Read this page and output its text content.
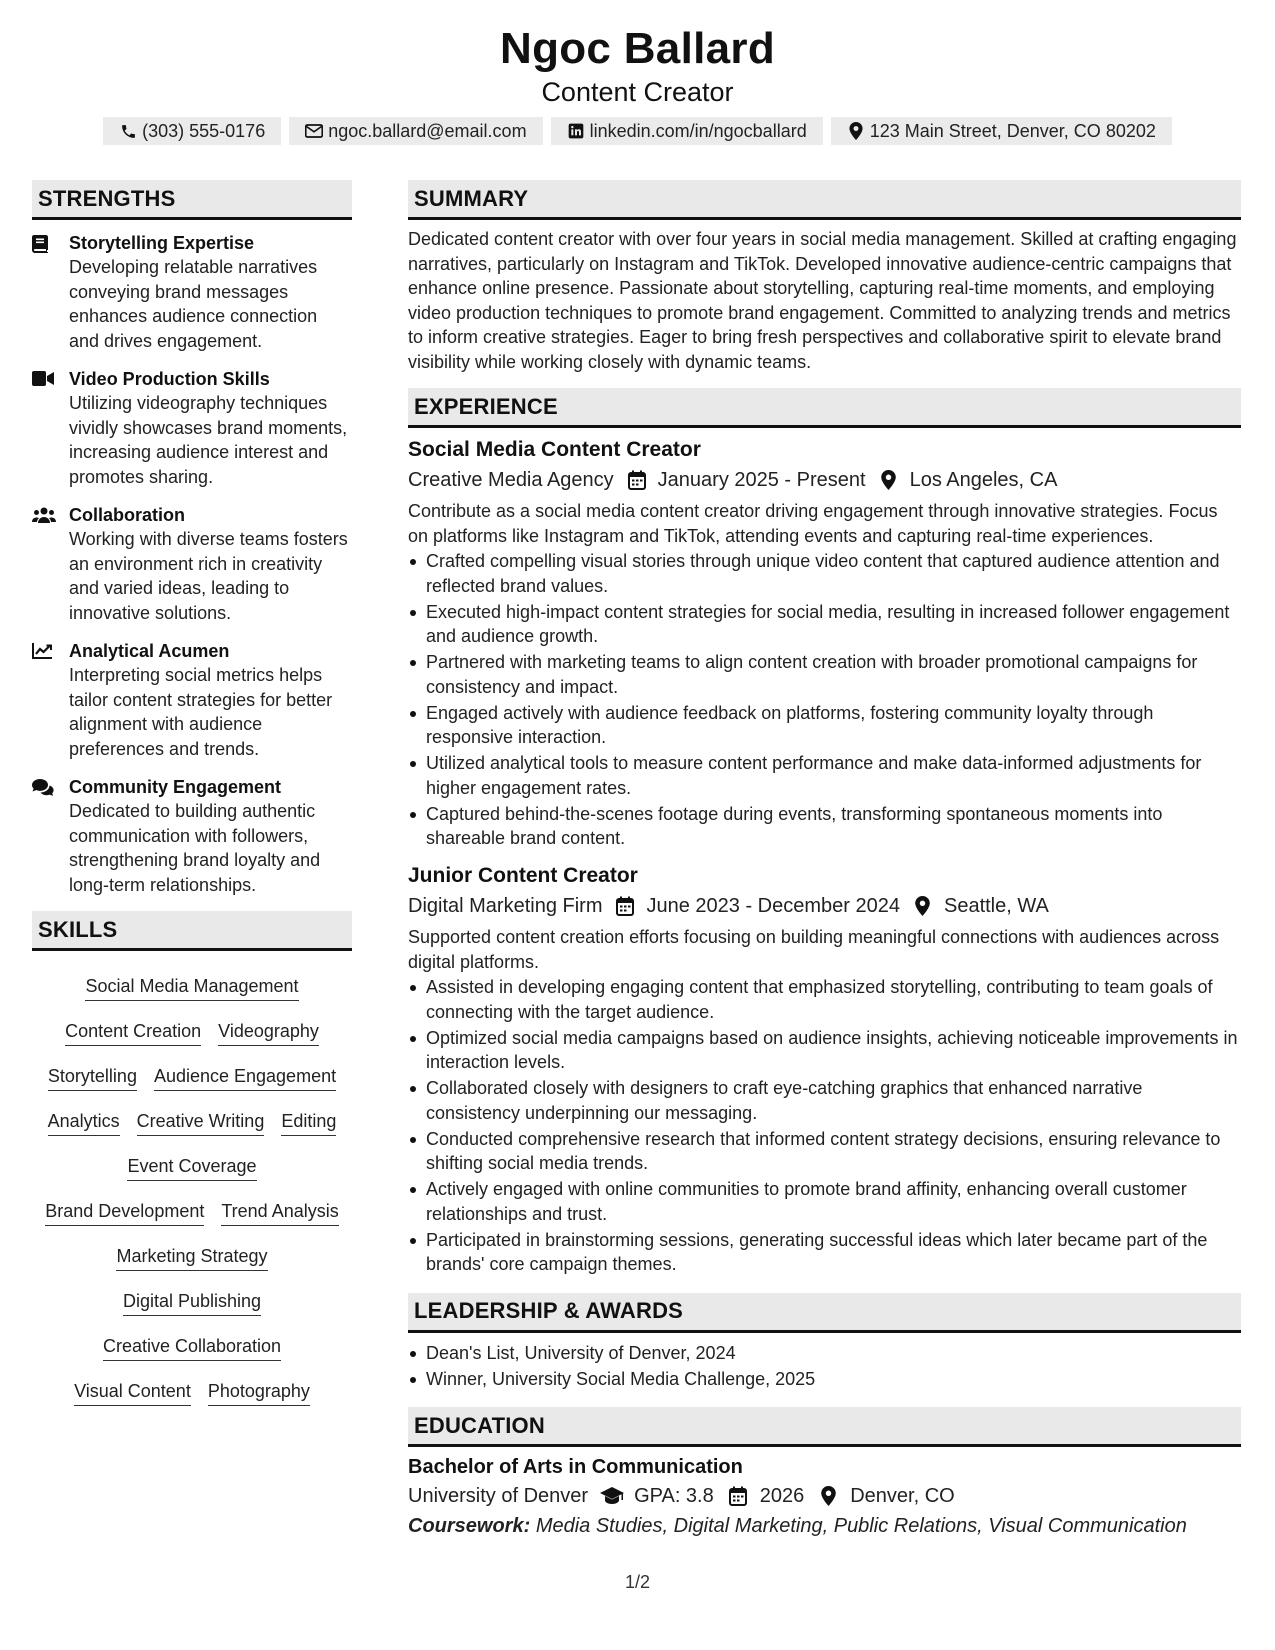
Ngoc Ballard
Content Creator
(303) 555-0176	ngoc.ballard@email.com	linkedin.com/in/ngocballard	123 Main Street, Denver, CO 80202
STRENGTHS
Storytelling Expertise
Developing relatable narratives conveying brand messages enhances audience connection and drives engagement.
Video Production Skills
Utilizing videography techniques vividly showcases brand moments, increasing audience interest and promotes sharing.
Collaboration
Working with diverse teams fosters an environment rich in creativity and varied ideas, leading to innovative solutions.
Analytical Acumen
Interpreting social metrics helps tailor content strategies for better alignment with audience preferences and trends.
Community Engagement
Dedicated to building authentic communication with followers, strengthening brand loyalty and long-term relationships.
SKILLS
Social Media Management
Content Creation Videography
Storytelling Audience Engagement
Analytics Creative Writing Editing
Event Coverage
Brand Development Trend Analysis
Marketing Strategy
Digital Publishing
Creative Collaboration
Visual Content Photography
SUMMARY
Dedicated content creator with over four years in social media management. Skilled at crafting engaging narratives, particularly on Instagram and TikTok. Developed innovative audience-centric campaigns that enhance online presence. Passionate about storytelling, capturing real-time moments, and employing video production techniques to promote brand engagement. Committed to analyzing trends and metrics to inform creative strategies. Eager to bring fresh perspectives and collaborative spirit to elevate brand visibility while working closely with dynamic teams.
EXPERIENCE
Social Media Content Creator
Creative Media Agency January 2025 - Present Los Angeles, CA
Contribute as a social media content creator driving engagement through innovative strategies. Focus on platforms like Instagram and TikTok, attending events and capturing real-time experiences.
Crafted compelling visual stories through unique video content that captured audience attention and reflected brand values.
Executed high-impact content strategies for social media, resulting in increased follower engagement and audience growth.
Partnered with marketing teams to align content creation with broader promotional campaigns for consistency and impact.
Engaged actively with audience feedback on platforms, fostering community loyalty through responsive interaction.
Utilized analytical tools to measure content performance and make data-informed adjustments for higher engagement rates.
Captured behind-the-scenes footage during events, transforming spontaneous moments into shareable brand content.
Junior Content Creator
Digital Marketing Firm June 2023 - December 2024 Seattle, WA
Supported content creation efforts focusing on building meaningful connections with audiences across digital platforms.
Assisted in developing engaging content that emphasized storytelling, contributing to team goals of connecting with the target audience.
Optimized social media campaigns based on audience insights, achieving noticeable improvements in interaction levels.
Collaborated closely with designers to craft eye-catching graphics that enhanced narrative consistency underpinning our messaging.
Conducted comprehensive research that informed content strategy decisions, ensuring relevance to shifting social media trends.
Actively engaged with online communities to promote brand affinity, enhancing overall customer relationships and trust.
Participated in brainstorming sessions, generating successful ideas which later became part of the brands' core campaign themes.
LEADERSHIP & AWARDS
Dean's List, University of Denver, 2024
Winner, University Social Media Challenge, 2025
EDUCATION
Bachelor of Arts in Communication
University of Denver GPA: 3.8 2026 Denver, CO
Coursework: Media Studies, Digital Marketing, Public Relations, Visual Communication
1/2
